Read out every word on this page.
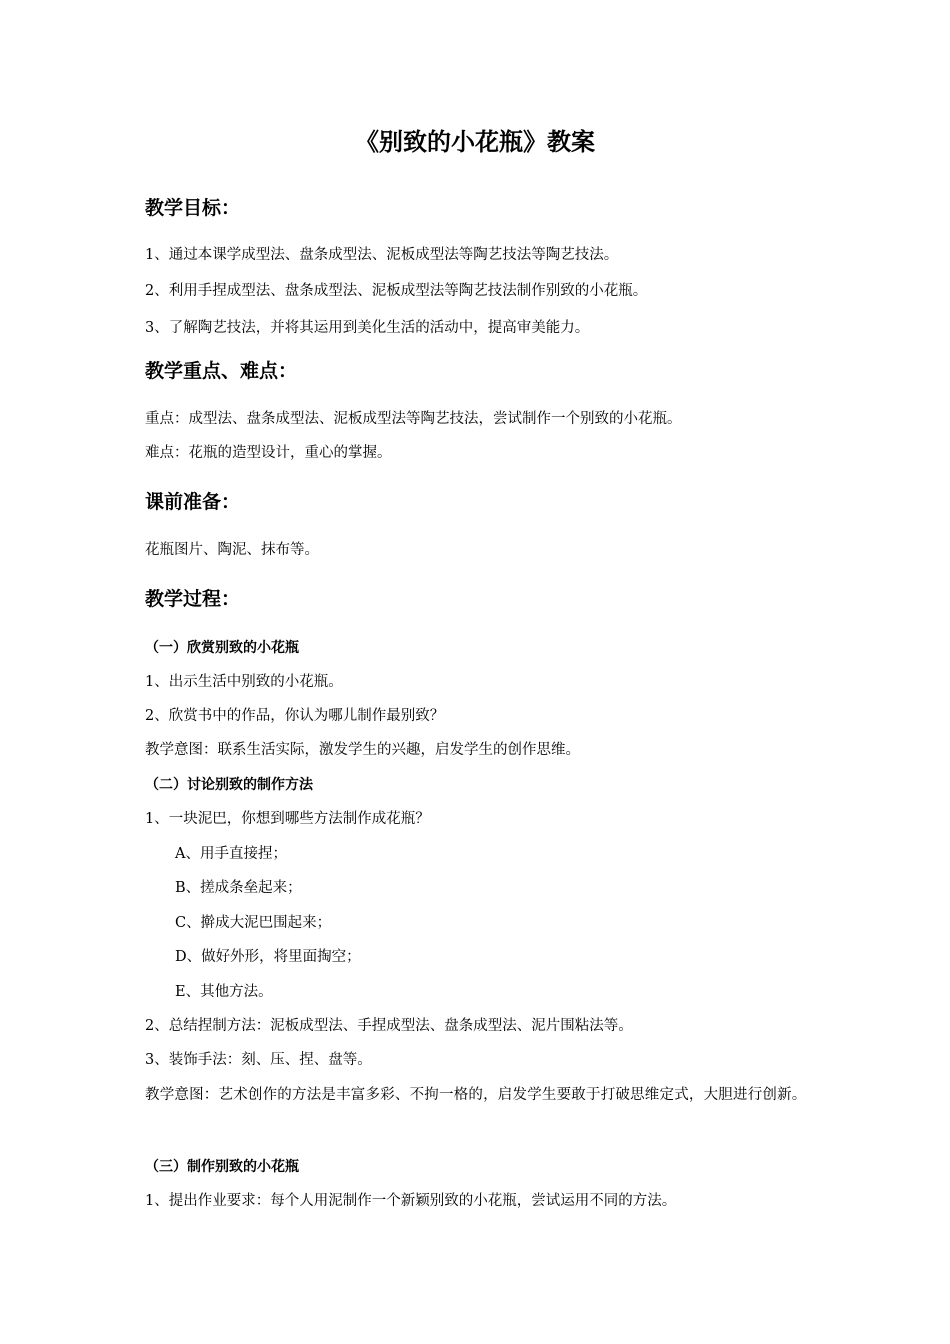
《别致的小花瓶》教案
教学目标：
1、通过本课学成型法、盘条成型法、泥板成型法等陶艺技法等陶艺技法。
2、利用手捏成型法、盘条成型法、泥板成型法等陶艺技法制作别致的小花瓶。
3、了解陶艺技法，并将其运用到美化生活的活动中，提高审美能力。
教学重点、难点：
重点：成型法、盘条成型法、泥板成型法等陶艺技法，尝试制作一个别致的小花瓶。
难点：花瓶的造型设计，重心的掌握。
课前准备：
花瓶图片、陶泥、抹布等。
教学过程：
（一）欣赏别致的小花瓶
1、出示生活中别致的小花瓶。
2、欣赏书中的作品，你认为哪儿制作最别致？
教学意图：联系生活实际，激发学生的兴趣，启发学生的创作思维。
（二）讨论别致的制作方法
1、一块泥巴，你想到哪些方法制作成花瓶？
A、用手直接捏；
B、搓成条垒起来；
C、擀成大泥巴围起来；
D、做好外形，将里面掏空；
E、其他方法。
2、总结捏制方法：泥板成型法、手捏成型法、盘条成型法、泥片围粘法等。
3、装饰手法：刻、压、捏、盘等。
教学意图：艺术创作的方法是丰富多彩、不拘一格的，启发学生要敢于打破思维定式，大胆进行创新。
（三）制作别致的小花瓶
1、提出作业要求：每个人用泥制作一个新颖别致的小花瓶，尝试运用不同的方法。
